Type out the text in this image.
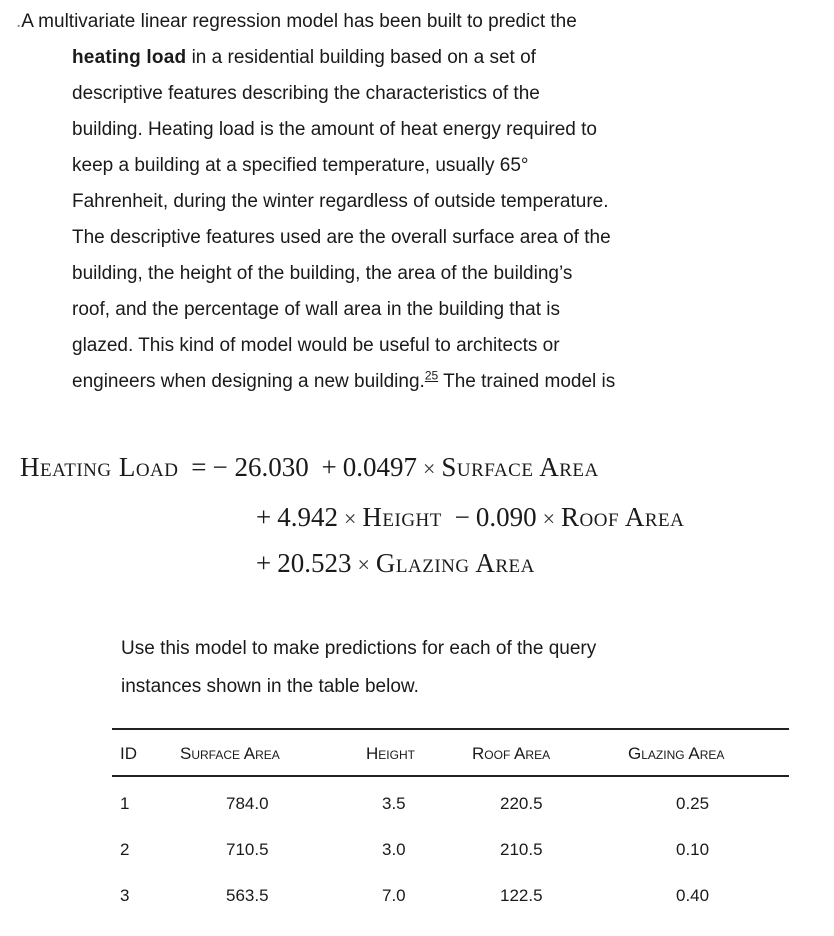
.A multivariate linear regression model has been built to predict the
heating load in a residential building based on a set of
descriptive features describing the characteristics of the
building. Heating load is the amount of heat energy required to
keep a building at a specified temperature, usually 65°
Fahrenheit, during the winter regardless of outside temperature.
The descriptive features used are the overall surface area of the
building, the height of the building, the area of the building’s
roof, and the percentage of wall area in the building that is
glazed. This kind of model would be useful to architects or
engineers when designing a new building.$^{25}$ The trained model is
Heating Load = − 26.030 + 0.0497 × Surface Area
+ 4.942 × Height − 0.090 × Roof Area
+ 20.523 × Glazing Area
Use this model to make predictions for each of the query
instances shown in the table below.
ID	Surface Area	Height	Roof Area	Glazing Area
1	784.0	3.5	220.5	0.25
2	710.5	3.0	210.5	0.10
3	563.5	7.0	122.5	0.40
